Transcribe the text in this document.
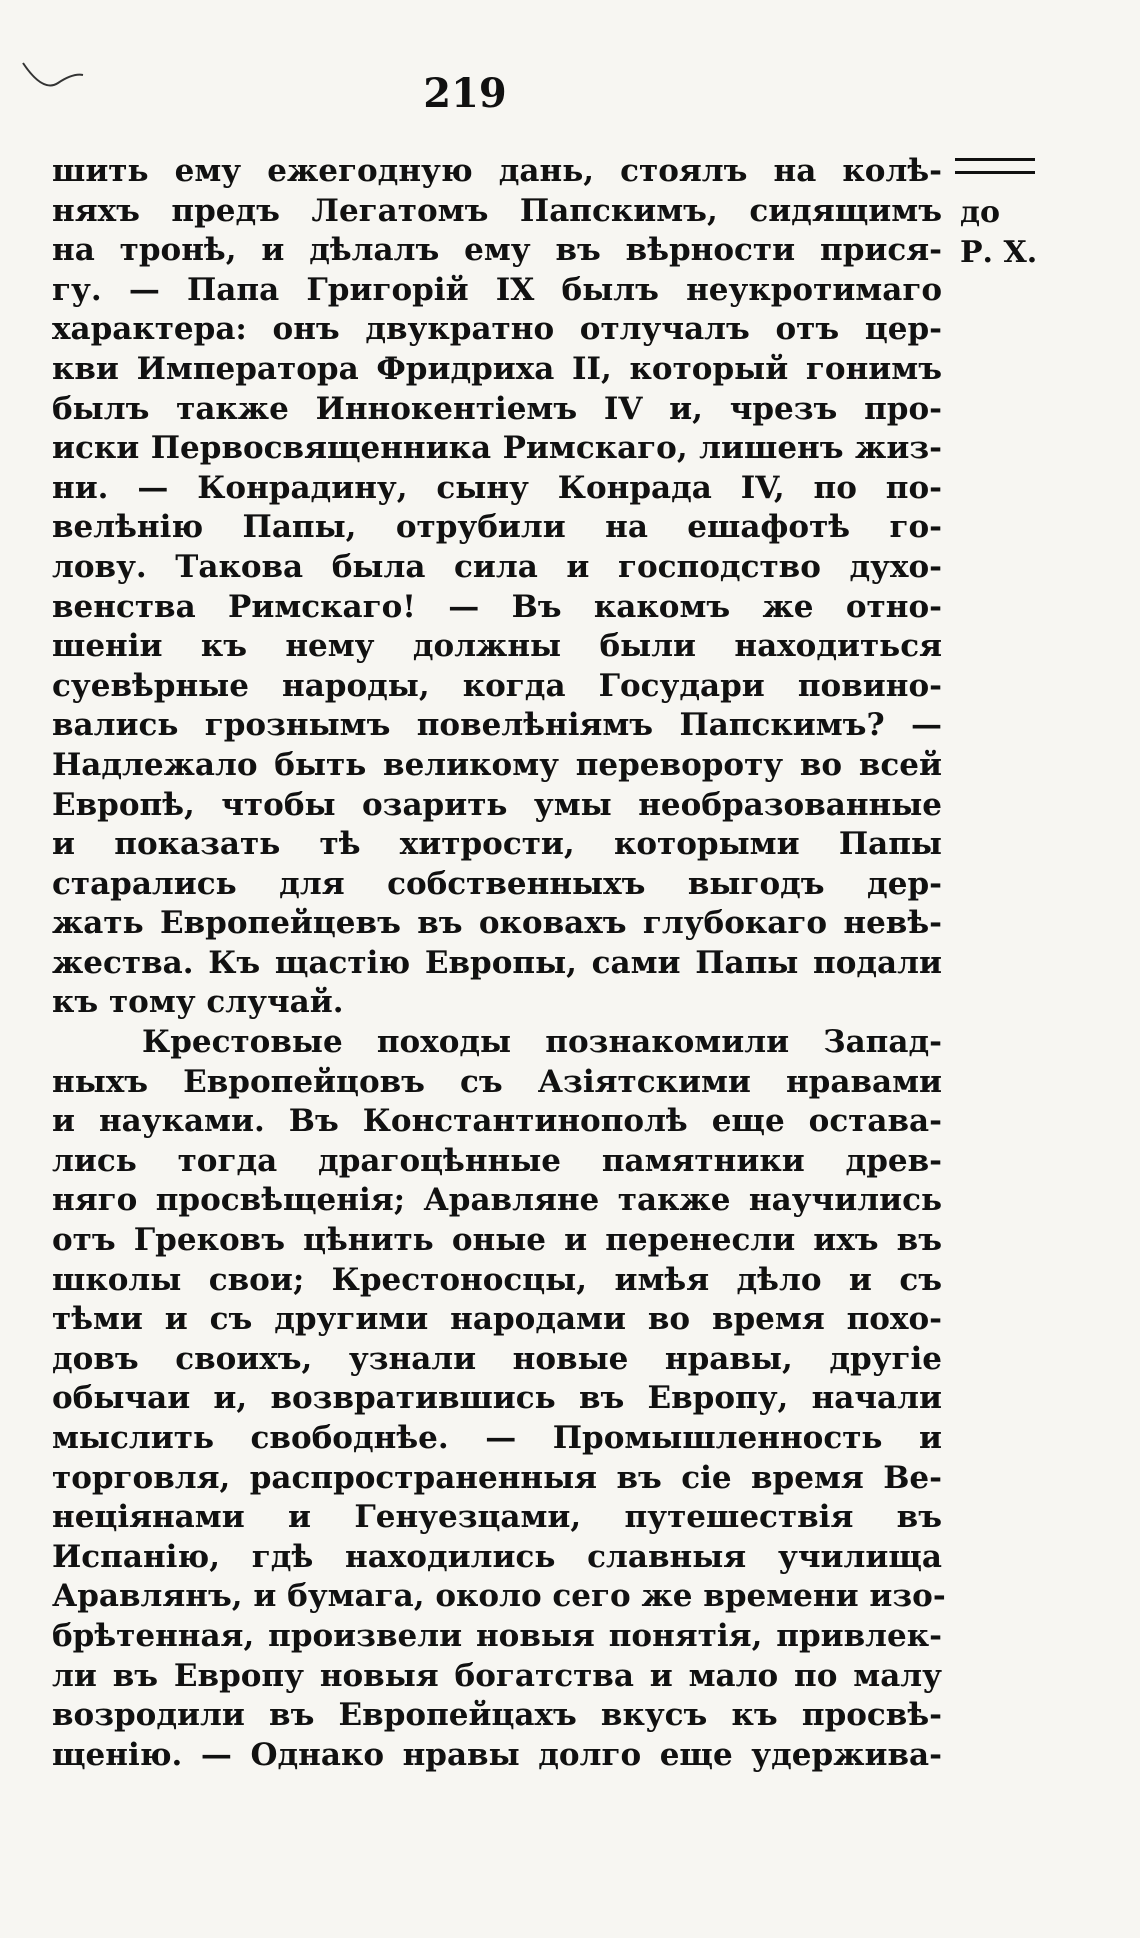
219
до
Р. Х.
шить ему ежегодную дань, стоялъ на колѣ-
няхъ предъ Легатомъ Папскимъ, сидящимъ
на тронѣ, и дѣлалъ ему въ вѣрности прися-
гу. — Папа Григорій IX былъ неукротимаго
характера: онъ двукратно отлучалъ отъ цер-
кви Императора Фридриха II, который гонимъ
былъ также Иннокентіемъ IV и, чрезъ про-
иски Первосвященника Римскаго, лишенъ жиз-
ни. — Конрадину, сыну Конрада IV, по по-
велѣнію Папы, отрубили на ешафотѣ го-
лову. Такова была сила и господство духо-
венства Римскаго! — Въ какомъ же отно-
шеніи къ нему должны были находиться
суевѣрные народы, когда Государи повино-
вались грознымъ повелѣніямъ Папскимъ? —
Надлежало быть великому перевороту во всей
Европѣ, чтобы озарить умы необразованные
и показать тѣ хитрости, которыми Папы
старались для собственныхъ выгодъ дер-
жать Европейцевъ въ оковахъ глубокаго невѣ-
жества. Къ щастію Европы, сами Папы подали
къ тому случай.
Крестовые походы познакомили Запад-
ныхъ Европейцовъ съ Азіятскими нравами
и науками. Въ Константинополѣ еще остава-
лись тогда драгоцѣнные памятники древ-
няго просвѣщенія; Аравляне также научились
отъ Грековъ цѣнить оные и перенесли ихъ въ
школы свои; Крестоносцы, имѣя дѣло и съ
тѣми и съ другими народами во время похо-
довъ своихъ, узнали новые нравы, другіе
обычаи и, возвратившись въ Европу, начали
мыслить свободнѣе. — Промышленность и
торговля, распространенныя въ сіе время Ве-
неціянами и Генуезцами, путешествія въ
Испанію, гдѣ находились славныя училища
Аравлянъ, и бумага, около сего же времени изо-
брѣтенная, произвели новыя понятія, привлек-
ли въ Европу новыя богатства и мало по малу
возродили въ Европейцахъ вкусъ къ просвѣ-
щенію. — Однако нравы долго еще удержива-
